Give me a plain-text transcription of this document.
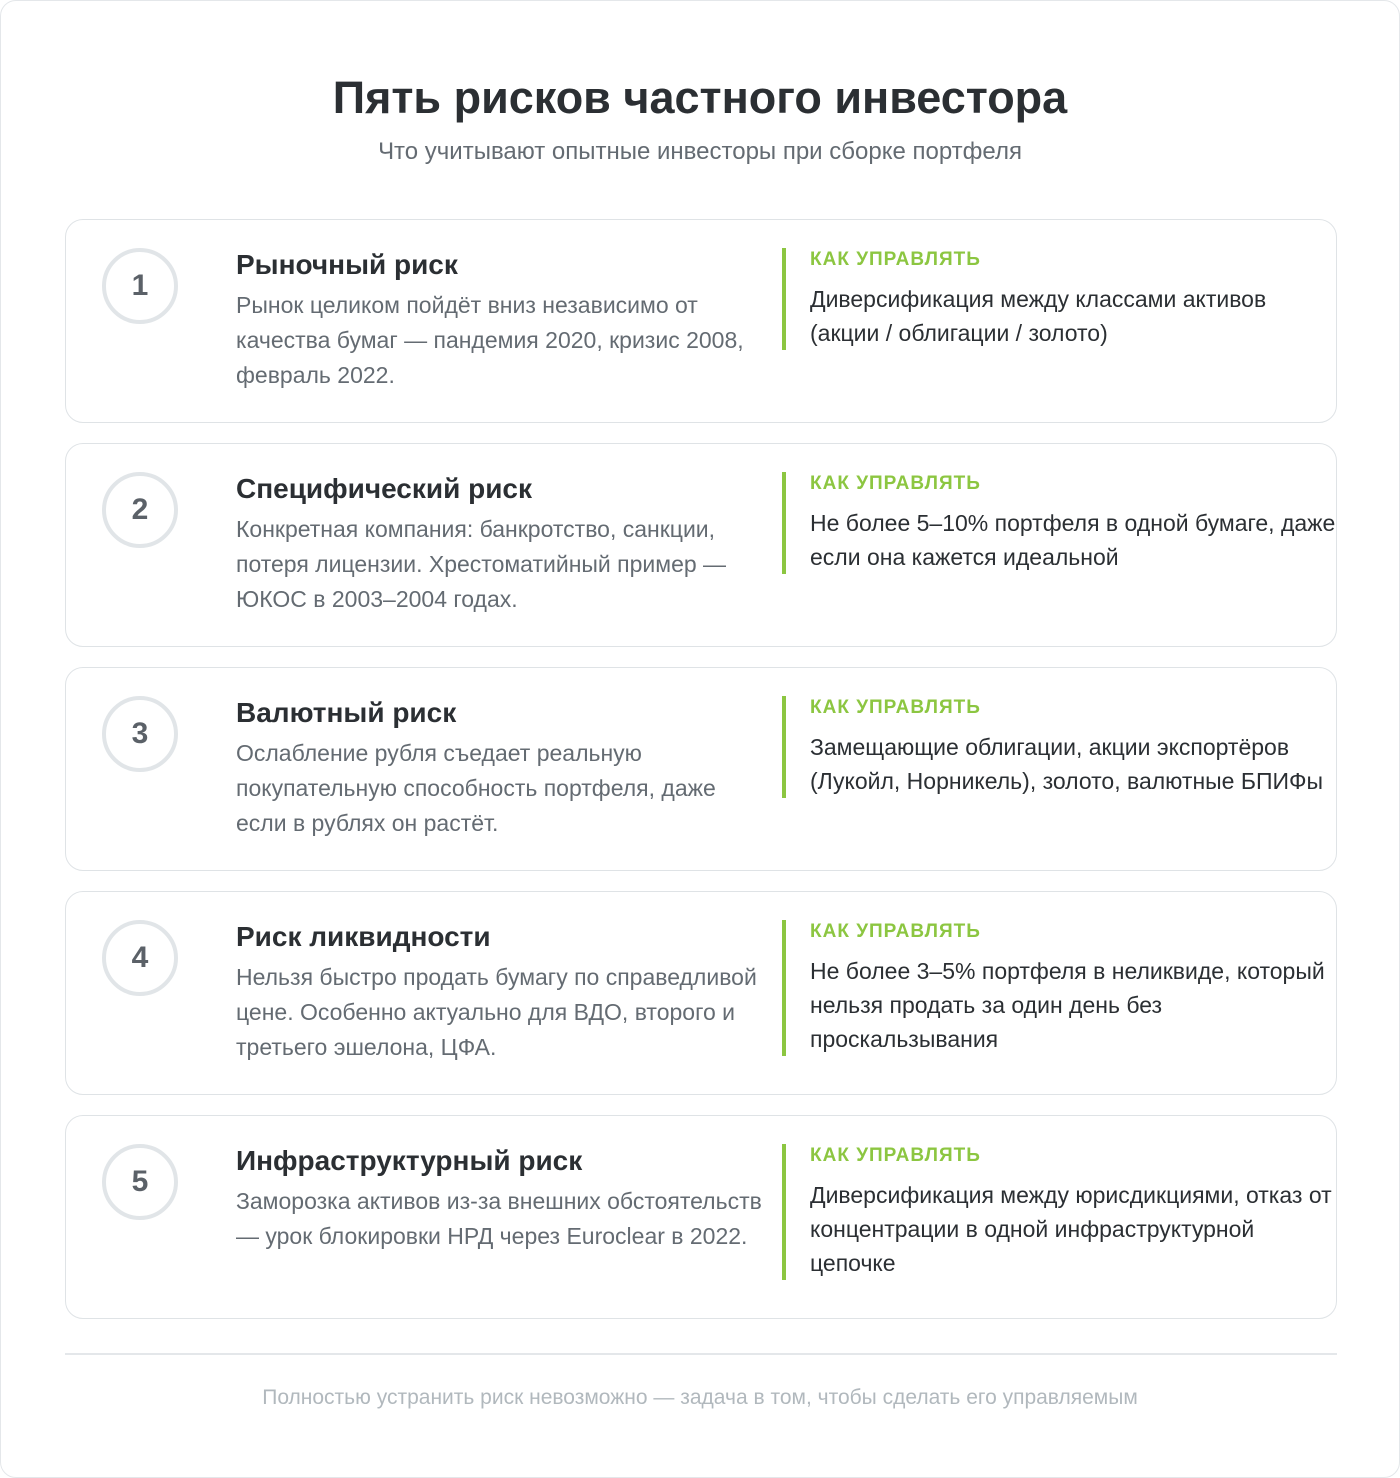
Пять рисков частного инвестора
Что учитывают опытные инвесторы при сборке портфеля
1
Рыночный риск
Рынок целиком пойдёт вниз независимо от качества бумаг — пандемия 2020, кризис 2008, февраль 2022.
КАК УПРАВЛЯТЬ
Диверсификация между классами активов (акции / облигации / золото)
2
Специфический риск
Конкретная компания: банкротство, санкции, потеря лицензии. Хрестоматийный пример — ЮКОС в 2003–2004 годах.
КАК УПРАВЛЯТЬ
Не более 5–10% портфеля в одной бумаге, даже если она кажется идеальной
3
Валютный риск
Ослабление рубля съедает реальную покупательную способность портфеля, даже если в рублях он растёт.
КАК УПРАВЛЯТЬ
Замещающие облигации, акции экспортёров (Лукойл, Норникель), золото, валютные БПИФы
4
Риск ликвидности
Нельзя быстро продать бумагу по справедливой цене. Особенно актуально для ВДО, второго и третьего эшелона, ЦФА.
КАК УПРАВЛЯТЬ
Не более 3–5% портфеля в неликвиде, который нельзя продать за один день без проскальзывания
5
Инфраструктурный риск
Заморозка активов из-за внешних обстоятельств — урок блокировки НРД через Euroclear в 2022.
КАК УПРАВЛЯТЬ
Диверсификация между юрисдикциями, отказ от концентрации в одной инфраструктурной цепочке
Полностью устранить риск невозможно — задача в том, чтобы сделать его управляемым
